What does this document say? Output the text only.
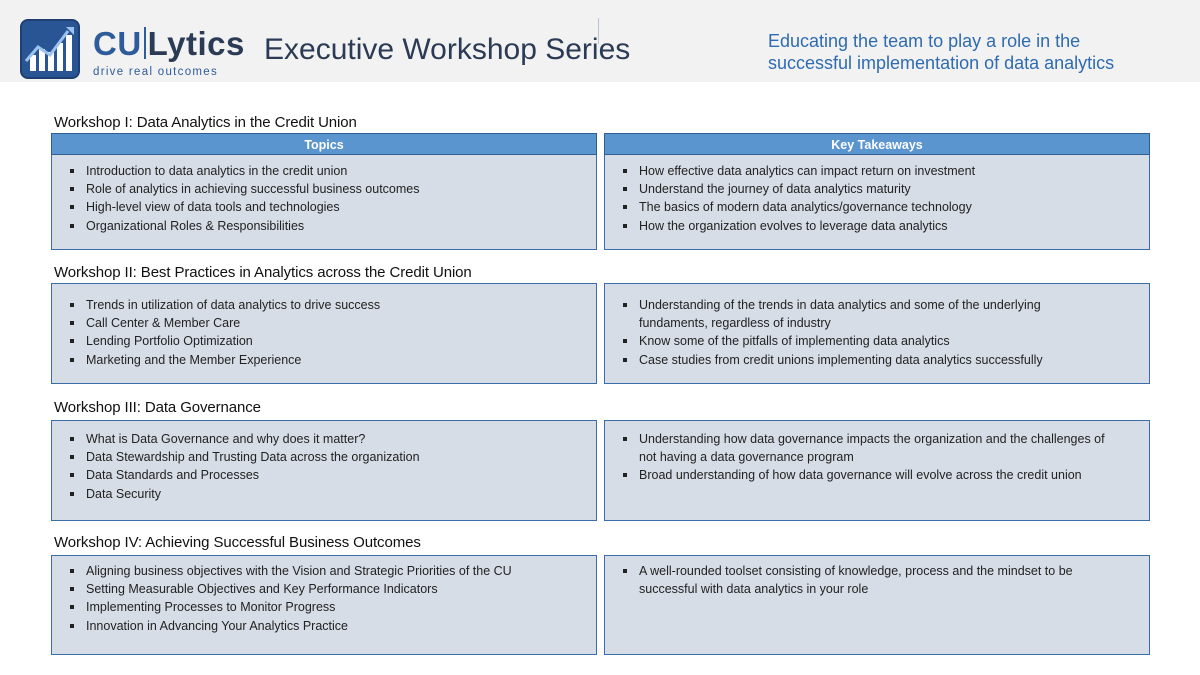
CU Lytics
drive real outcomes
Executive Workshop Series	Educating the team to play a role in the
successful implementation of data analytics
Workshop I: Data Analytics in the Credit Union
Topics	Key Takeaways
Introduction to data analytics in the credit union
Role of analytics in achieving successful business outcomes
High-level view of data tools and technologies
Organizational Roles & Responsibilities
How effective data analytics can impact return on investment
Understand the journey of data analytics maturity
The basics of modern data analytics/governance technology
How the organization evolves to leverage data analytics
Workshop II: Best Practices in Analytics across the Credit Union
Trends in utilization of data analytics to drive success
Call Center & Member Care
Lending Portfolio Optimization
Marketing and the Member Experience
Understanding of the trends in data analytics and some of the underlying fundaments, regardless of industry
Know some of the pitfalls of implementing data analytics
Case studies from credit unions implementing data analytics successfully
Workshop III: Data Governance
What is Data Governance and why does it matter?
Data Stewardship and Trusting Data across the organization
Data Standards and Processes
Data Security
Understanding how data governance impacts the organization and the challenges of not having a data governance program
Broad understanding of how data governance will evolve across the credit union
Workshop IV: Achieving Successful Business Outcomes
Aligning business objectives with the Vision and Strategic Priorities of the CU
Setting Measurable Objectives and Key Performance Indicators
Implementing Processes to Monitor Progress
Innovation in Advancing Your Analytics Practice
A well-rounded toolset consisting of knowledge, process and the mindset to be successful with data analytics in your role
